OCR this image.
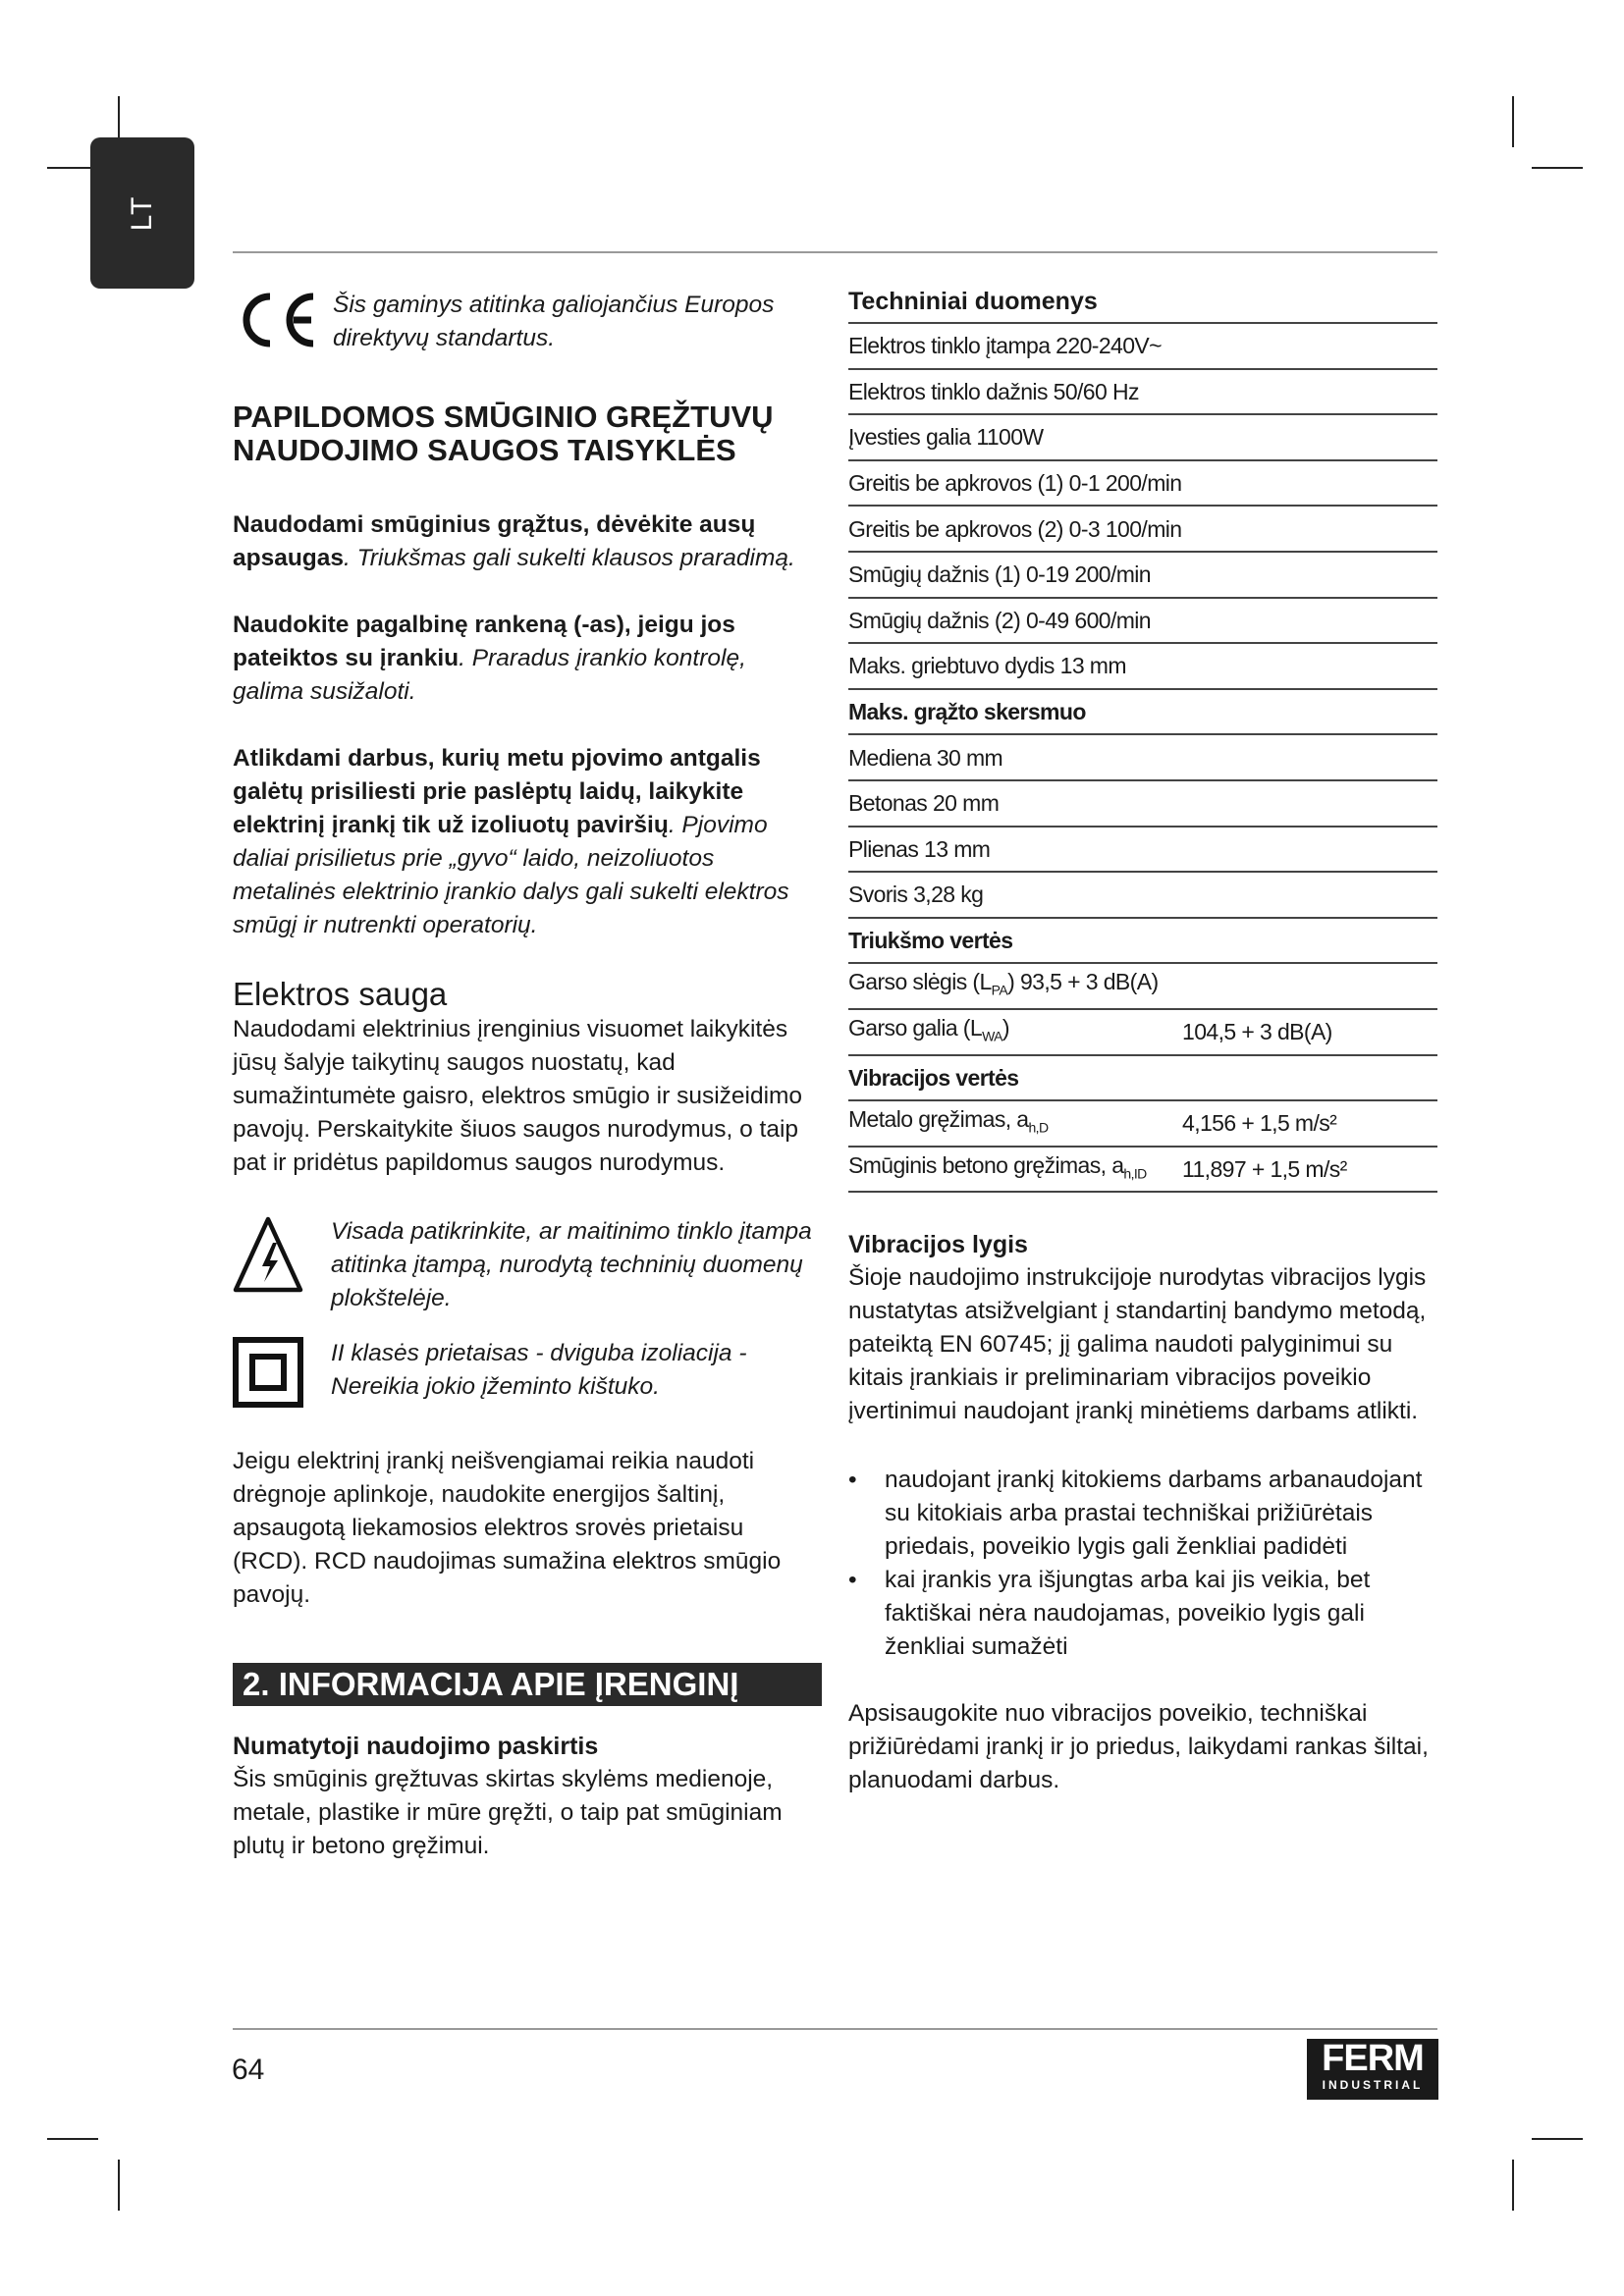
LT

Šis gaminys atitinka galiojančius Europos direktyvų standartus.

PAPILDOMOS SMŪGINIO GRĘŽTUVŲ NAUDOJIMO SAUGOS TAISYKLĖS

Naudodami smūginius grąžtus, dėvėkite ausų apsaugas. Triukšmas gali sukelti klausos praradimą.

Naudokite pagalbinę rankeną (-as), jeigu jos pateiktos su įrankiu. Praradus įrankio kontrolę, galima susižaloti.

Atlikdami darbus, kurių metu pjovimo antgalis galėtų prisiliesti prie paslėptų laidų, laikykite elektrinį įrankį tik už izoliuotų paviršių. Pjovimo daliai prisilietus prie „gyvo“ laido, neizoliuotos metalinės elektrinio įrankio dalys gali sukelti elektros smūgį ir nutrenkti operatorių.

Elektros sauga

Naudodami elektrinius įrenginius visuomet laikykitės jūsų šalyje taikytinų saugos nuostatų, kad sumažintumėte gaisro, elektros smūgio ir susižeidimo pavojų. Perskaitykite šiuos saugos nurodymus, o taip pat ir pridėtus papildomus saugos nurodymus.

Visada patikrinkite, ar maitinimo tinklo įtampa atitinka įtampą, nurodytą techninių duomenų plokštelėje.

II klasės prietaisas - dviguba izoliacija - Nereikia jokio įžeminto kištuko.

Jeigu elektrinį įrankį neišvengiamai reikia naudoti drėgnoje aplinkoje, naudokite energijos šaltinį, apsaugotą liekamosios elektros srovės prietaisu (RCD). RCD naudojimas sumažina elektros smūgio pavojų.

2. INFORMACIJA APIE ĮRENGINĮ

Numatytoji naudojimo paskirtis

Šis smūginis gręžtuvas skirtas skylėms medienoje, metale, plastike ir mūre gręžti, o taip pat smūginiam plutų ir betono gręžimui.

Techniniai duomenys

Elektros tinklo įtampa 220-240V~	
Elektros tinklo dažnis 50/60 Hz	
Įvesties galia 1100W	
Greitis be apkrovos (1) 0-1 200/min	
Greitis be apkrovos (2) 0-3 100/min	
Smūgių dažnis (1) 0-19 200/min	
Smūgių dažnis (2) 0-49 600/min	
Maks. griebtuvo dydis 13 mm	
Maks. grąžto skersmuo	
Mediena 30 mm	
Betonas 20 mm	
Plienas 13 mm	
Svoris 3,28 kg	
Triukšmo vertės	
Garso slėgis $(L_{PA}) 93,5 + 3$ dB(A)	
Garso galia $(L_{WA})$	104,5 + 3 dB(A)
Vibracijos vertės	
Metalo gręžimas, $a_{h,D}$	4,156 + 1,5 m/s²
Smūginis betono gręžimas, $a_{h,ID}$	11,897 + 1,5 m/s²

Vibracijos lygis

Šioje naudojimo instrukcijoje nurodytas vibracijos lygis nustatytas atsižvelgiant į standartinį bandymo metodą, pateiktą EN 60745; jį galima naudoti palyginimui su kitais įrankiais ir preliminariam vibracijos poveikio įvertinimui naudojant įrankį minėtiems darbams atlikti.

• naudojant įrankį kitokiems darbams arbanaudojant su kitokiais arba prastai techniškai prižiūrėtais priedais, poveikio lygis gali ženkliai padidėti
• kai įrankis yra išjungtas arba kai jis veikia, bet faktiškai nėra naudojamas, poveikio lygis gali ženkliai sumažėti

Apsisaugokite nuo vibracijos poveikio, techniškai prižiūrėdami įrankį ir jo priedus, laikydami rankas šiltai, planuodami darbus.

64	FERM
INDUSTRIAL
